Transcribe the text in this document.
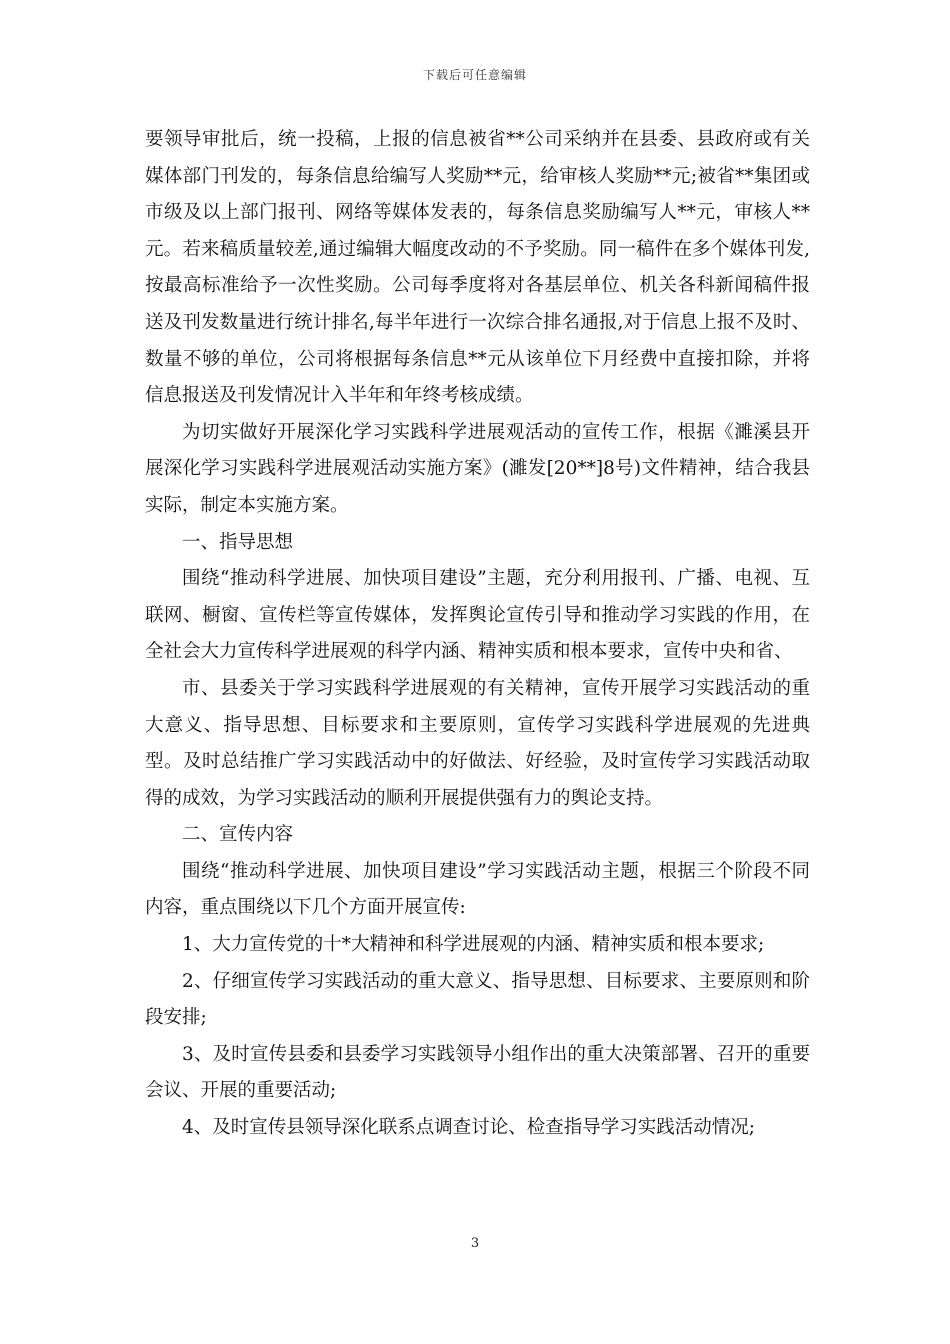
下载后可任意编辑

要领导审批后，统一投稿，上报的信息被省**公司采纳并在县委、县政府或有关媒体部门刊发的，每条信息给编写人奖励**元，给审核人奖励**元;被省**集团或市级及以上部门报刊、网络等媒体发表的，每条信息奖励编写人**元，审核人**元。若来稿质量较差,通过编辑大幅度改动的不予奖励。同一稿件在多个媒体刊发,按最高标准给予一次性奖励。公司每季度将对各基层单位、机关各科新闻稿件报送及刊发数量进行统计排名,每半年进行一次综合排名通报,对于信息上报不及时、数量不够的单位，公司将根据每条信息**元从该单位下月经费中直接扣除，并将信息报送及刊发情况计入半年和年终考核成绩。

为切实做好开展深化学习实践科学进展观活动的宣传工作，根据《濉溪县开展深化学习实践科学进展观活动实施方案》(濉发[20**]8号)文件精神，结合我县实际，制定本实施方案。

一、指导思想

围绕“推动科学进展、加快项目建设”主题，充分利用报刊、广播、电视、互联网、橱窗、宣传栏等宣传媒体，发挥舆论宣传引导和推动学习实践的作用，在全社会大力宣传科学进展观的科学内涵、精神实质和根本要求，宣传中央和省、

市、县委关于学习实践科学进展观的有关精神，宣传开展学习实践活动的重大意义、指导思想、目标要求和主要原则，宣传学习实践科学进展观的先进典型。及时总结推广学习实践活动中的好做法、好经验，及时宣传学习实践活动取得的成效，为学习实践活动的顺利开展提供强有力的舆论支持。

二、宣传内容

围绕“推动科学进展、加快项目建设”学习实践活动主题，根据三个阶段不同内容，重点围绕以下几个方面开展宣传:

1、大力宣传党的十*大精神和科学进展观的内涵、精神实质和根本要求;

2、仔细宣传学习实践活动的重大意义、指导思想、目标要求、主要原则和阶段安排;

3、及时宣传县委和县委学习实践领导小组作出的重大决策部署、召开的重要会议、开展的重要活动;

4、及时宣传县领导深化联系点调查讨论、检查指导学习实践活动情况;

3
